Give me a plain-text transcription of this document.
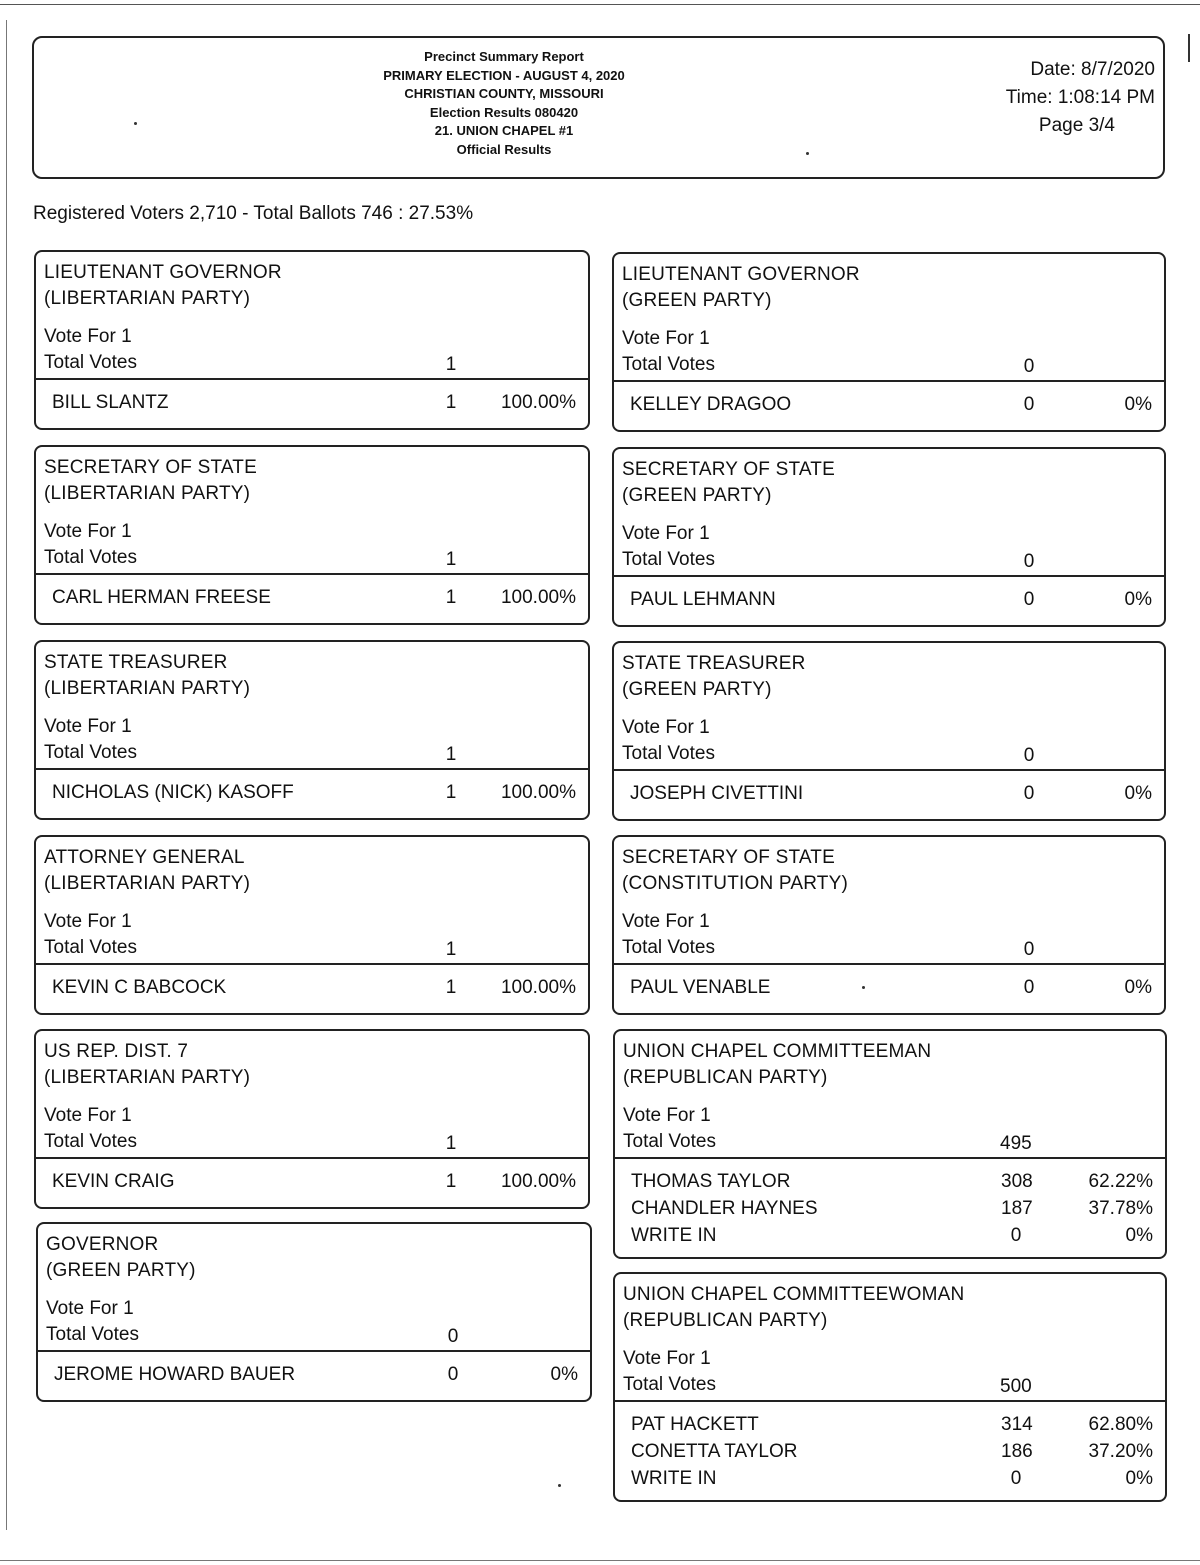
Precinct Summary Report
PRIMARY ELECTION - AUGUST 4, 2020
CHRISTIAN COUNTY, MISSOURI
Election Results 080420
21. UNION CHAPEL #1
Official Results
Date: 8/7/2020
Time: 1:08:14 PM
Page 3/4
Registered Voters 2,710 - Total Ballots 746 : 27.53%
LIEUTENANT GOVERNOR
(LIBERTARIAN PARTY)
Vote For 1
Total Votes	1
BILL SLANTZ	1	100.00%
SECRETARY OF STATE
(LIBERTARIAN PARTY)
Vote For 1
Total Votes	1
CARL HERMAN FREESE	1	100.00%
STATE TREASURER
(LIBERTARIAN PARTY)
Vote For 1
Total Votes	1
NICHOLAS (NICK) KASOFF	1	100.00%
ATTORNEY GENERAL
(LIBERTARIAN PARTY)
Vote For 1
Total Votes	1
KEVIN C BABCOCK	1	100.00%
US REP. DIST. 7
(LIBERTARIAN PARTY)
Vote For 1
Total Votes	1
KEVIN CRAIG	1	100.00%
GOVERNOR
(GREEN PARTY)
Vote For 1
Total Votes	0
JEROME HOWARD BAUER	0	0%
LIEUTENANT GOVERNOR
(GREEN PARTY)
Vote For 1
Total Votes	0
KELLEY DRAGOO	0	0%
SECRETARY OF STATE
(GREEN PARTY)
Vote For 1
Total Votes	0
PAUL LEHMANN	0	0%
STATE TREASURER
(GREEN PARTY)
Vote For 1
Total Votes	0
JOSEPH CIVETTINI	0	0%
SECRETARY OF STATE
(CONSTITUTION PARTY)
Vote For 1
Total Votes	0
PAUL VENABLE	0	0%
UNION CHAPEL COMMITTEEMAN
(REPUBLICAN PARTY)
Vote For 1
Total Votes	495
THOMAS TAYLOR	308	62.22%
CHANDLER HAYNES	187	37.78%
WRITE IN	0	0%
UNION CHAPEL COMMITTEEWOMAN
(REPUBLICAN PARTY)
Vote For 1
Total Votes	500
PAT HACKETT	314	62.80%
CONETTA TAYLOR	186	37.20%
WRITE IN	0	0%
